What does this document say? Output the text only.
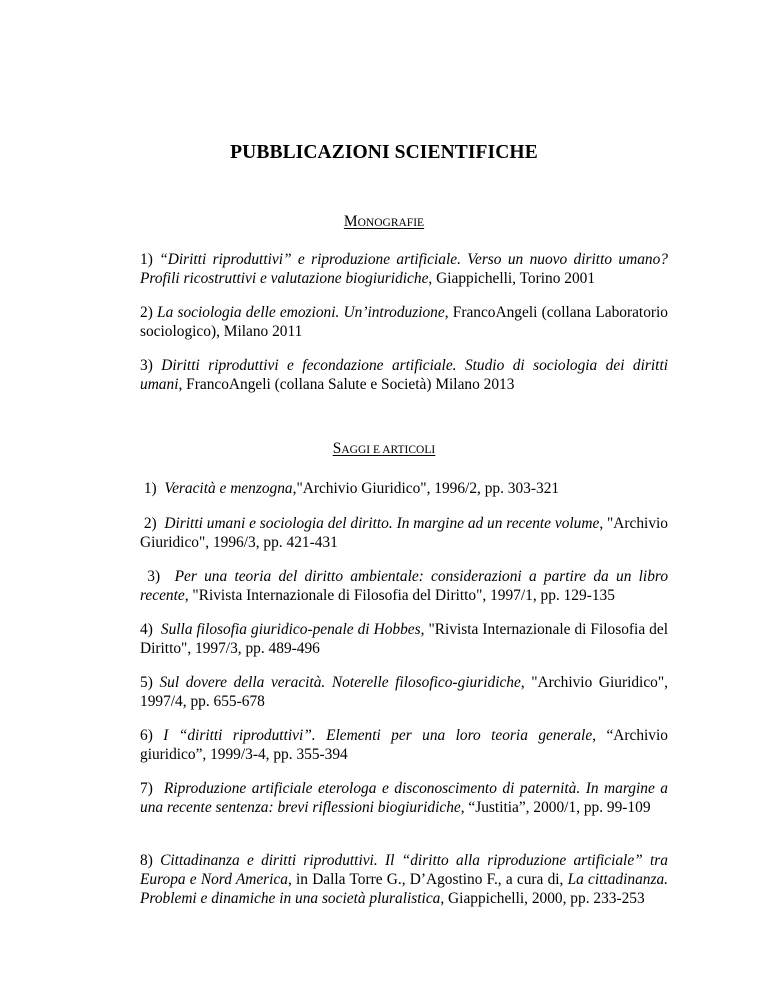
PUBBLICAZIONI SCIENTIFICHE
MONOGRAFIE

1) “Diritti riproduttivi” e riproduzione artificiale. Verso un nuovo diritto umano? Profili ricostruttivi e valutazione biogiuridiche, Giappichelli, Torino 2001

2) La sociologia delle emozioni. Un’introduzione, FrancoAngeli (collana Laboratorio sociologico), Milano 2011

3) Diritti riproduttivi e fecondazione artificiale. Studio di sociologia dei diritti umani, FrancoAngeli (collana Salute e Società) Milano 2013

SAGGI E ARTICOLI

1) Veracità e menzogna,"Archivio Giuridico", 1996/2, pp. 303-321

2) Diritti umani e sociologia del diritto. In margine ad un recente volume, "Archivio Giuridico", 1996/3, pp. 421-431

3) Per una teoria del diritto ambientale: considerazioni a partire da un libro recente, "Rivista Internazionale di Filosofia del Diritto", 1997/1, pp. 129-135

4) Sulla filosofia giuridico-penale di Hobbes, "Rivista Internazionale di Filosofia del Diritto", 1997/3, pp. 489-496

5) Sul dovere della veracità. Noterelle filosofico-giuridiche, "Archivio Giuridico", 1997/4, pp. 655-678

6) I “diritti riproduttivi”. Elementi per una loro teoria generale, “Archivio giuridico”, 1999/3-4, pp. 355-394

7) Riproduzione artificiale eterologa e disconoscimento di paternità. In margine a una recente sentenza: brevi riflessioni biogiuridiche, “Justitia”, 2000/1, pp. 99-109

8) Cittadinanza e diritti riproduttivi. Il “diritto alla riproduzione artificiale” tra Europa e Nord America, in Dalla Torre G., D’Agostino F., a cura di, La cittadinanza. Problemi e dinamiche in una società pluralistica, Giappichelli, 2000, pp. 233-253
